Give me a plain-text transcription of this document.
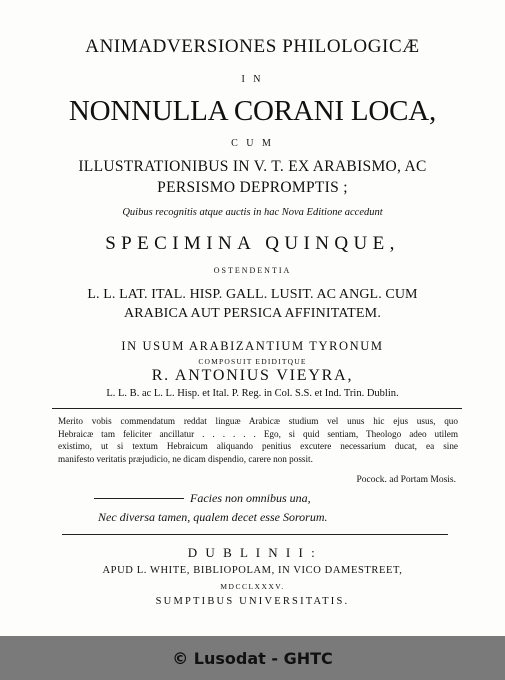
ANIMADVERSIONES PHILOLOGICÆ
I N
NONNULLA CORANI LOCA,
C U M
ILLUSTRATIONIBUS IN V. T. EX ARABISMO, AC
PERSISMO DEPROMPTIS ;
Quibus recognitis atque auctis in hac Nova Editione accedunt
SPECIMINA QUINQUE,
OSTENDENTIA
L. L. LAT. ITAL. HISP. GALL. LUSIT. AC ANGL. CUM
ARABICA AUT PERSICA AFFINITATEM.
IN USUM ARABIZANTIUM TYRONUM
COMPOSUIT EDIDITQUE
R. ANTONIUS VIEYRA,
L. L. B. ac L. L. Hisp. et Ital. P. Reg. in Col. S.S. et Ind. Trin. Dublin.
Merito vobis commendatum reddat linguæ Arabicæ studium vel unus hic ejus usus, quo
Hebraicæ tam feliciter ancillatur . . . . . . Ego, si quid sentiam, Theologo adeo utilem
existimo, ut si textum Hebraicum aliquando penitius excutere necessarium ducat, ea sine
manifesto veritatis præjudicio, ne dicam dispendio, carere non possit.
Pocock. ad Portam Mosis.
Facies non omnibus una,
Nec diversa tamen, qualem decet esse Sororum.
D U B L I N I I :
APUD L. WHITE, BIBLIOPOLAM, IN VICO DAMESTREET,
MDCCLXXXV.
SUMPTIBUS UNIVERSITATIS.
© Lusodat - GHTC
